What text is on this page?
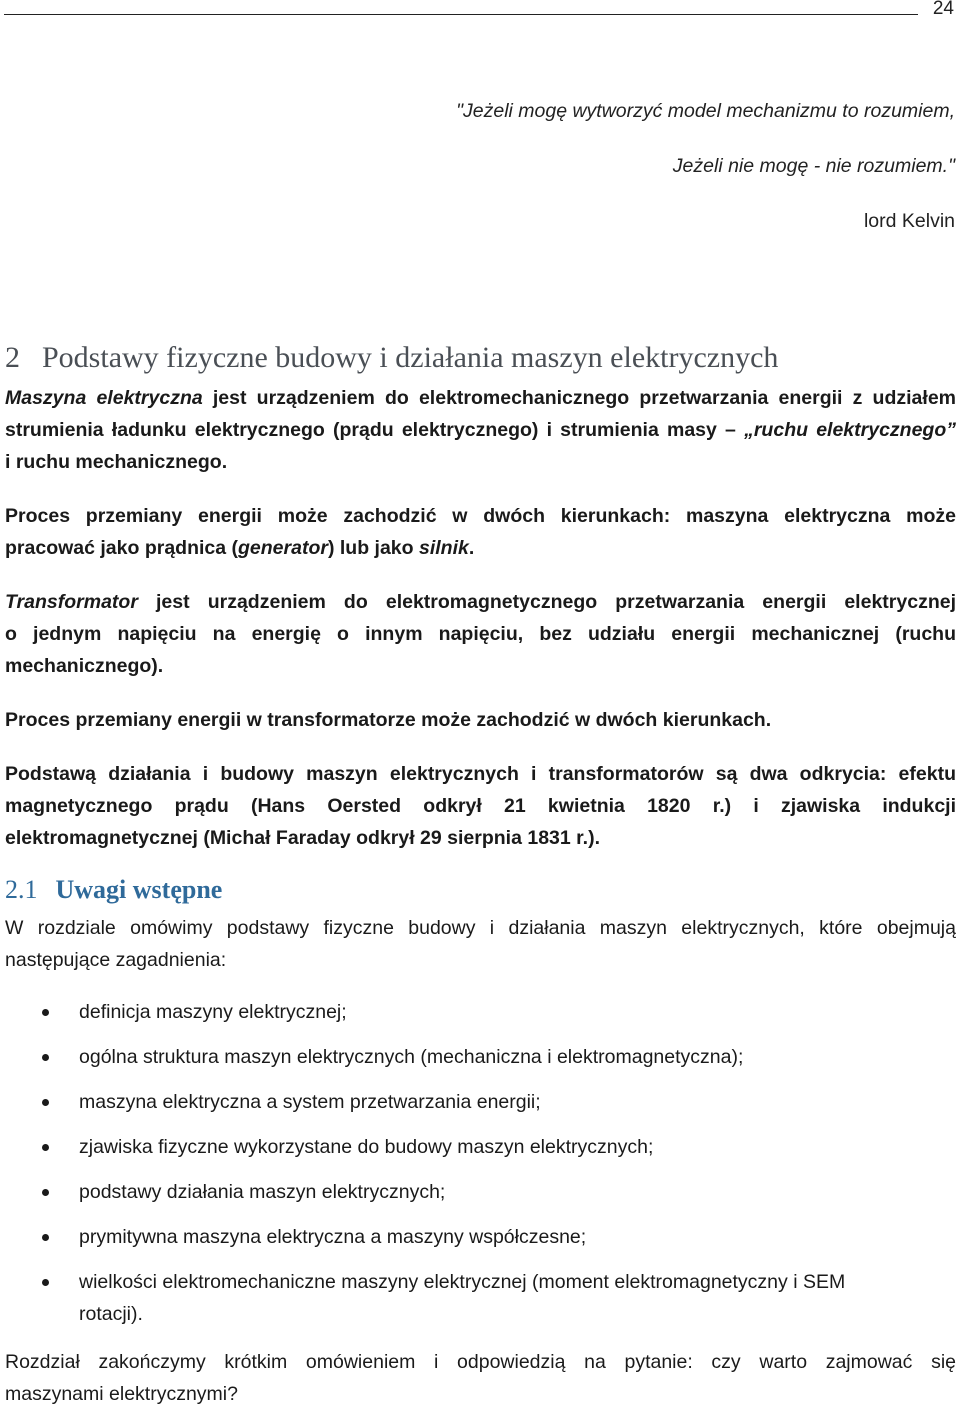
24
"Jeżeli mogę wytworzyć model mechanizmu to rozumiem,
Jeżeli nie mogę - nie rozumiem."
lord Kelvin
2 Podstawy fizyczne budowy i działania maszyn elektrycznych
Maszyna elektryczna jest urządzeniem do elektromechanicznego przetwarzania energii z udziałem
strumienia ładunku elektrycznego (prądu elektrycznego) i strumienia masy – „ruchu elektrycznego”
i ruchu mechanicznego.
Proces przemiany energii może zachodzić w dwóch kierunkach: maszyna elektryczna może
pracować jako prądnica (generator) lub jako silnik.
Transformator jest urządzeniem do elektromagnetycznego przetwarzania energii elektrycznej
o jednym napięciu na energię o innym napięciu, bez udziału energii mechanicznej (ruchu
mechanicznego).
Proces przemiany energii w transformatorze może zachodzić w dwóch kierunkach.
Podstawą działania i budowy maszyn elektrycznych i transformatorów są dwa odkrycia: efektu
magnetycznego prądu (Hans Oersted odkrył 21 kwietnia 1820 r.) i zjawiska indukcji
elektromagnetycznej (Michał Faraday odkrył 29 sierpnia 1831 r.).
2.1 Uwagi wstępne
W rozdziale omówimy podstawy fizyczne budowy i działania maszyn elektrycznych, które obejmują
następujące zagadnienia:
definicja maszyny elektrycznej;
ogólna struktura maszyn elektrycznych (mechaniczna i elektromagnetyczna);
maszyna elektryczna a system przetwarzania energii;
zjawiska fizyczne wykorzystane do budowy maszyn elektrycznych;
podstawy działania maszyn elektrycznych;
prymitywna maszyna elektryczna a maszyny współczesne;
wielkości elektromechaniczne maszyny elektrycznej (moment elektromagnetyczny i SEM
rotacji).
Rozdział zakończymy krótkim omówieniem i odpowiedzią na pytanie: czy warto zajmować się
maszynami elektrycznymi?
